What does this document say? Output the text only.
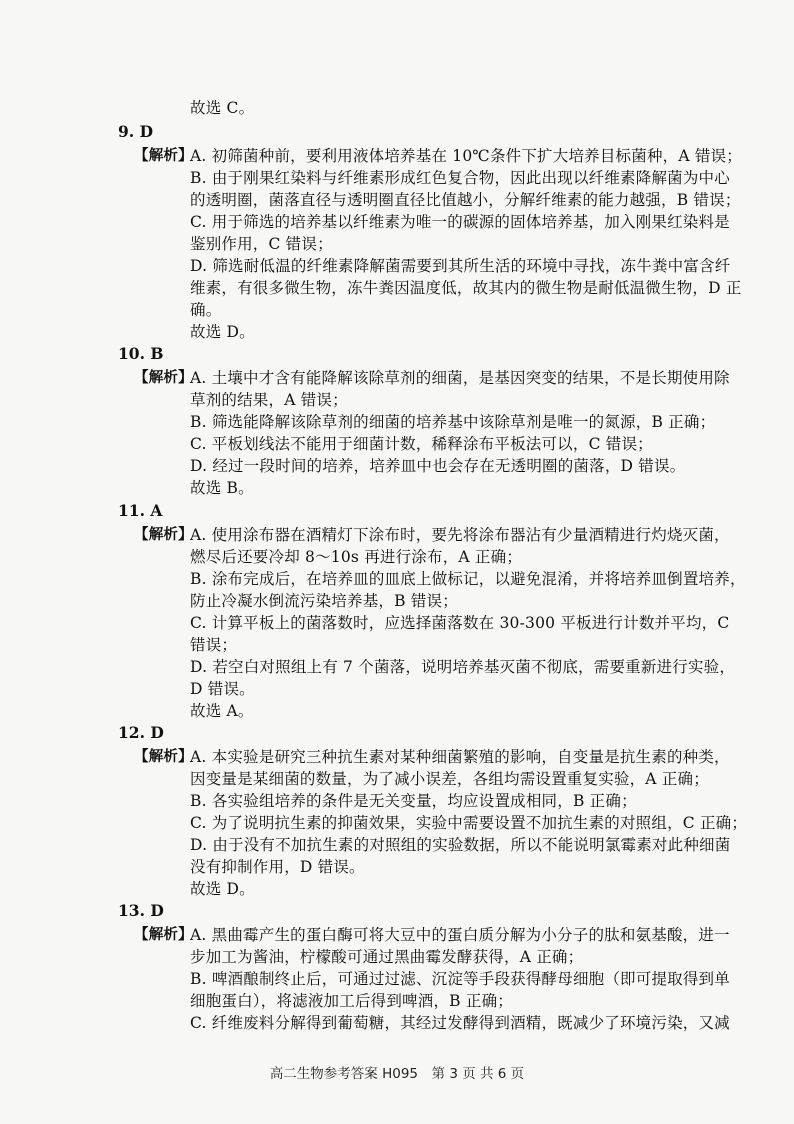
故选 C。
9. D
【解析】
A. 初筛菌种前，要利用液体培养基在 10℃条件下扩大培养目标菌种，A 错误；
B. 由于刚果红染料与纤维素形成红色复合物，因此出现以纤维素降解菌为中心
的透明圈，菌落直径与透明圈直径比值越小，分解纤维素的能力越强，B 错误；
C. 用于筛选的培养基以纤维素为唯一的碳源的固体培养基，加入刚果红染料是
鉴别作用，C 错误；
D. 筛选耐低温的纤维素降解菌需要到其所生活的环境中寻找，冻牛粪中富含纤
维素，有很多微生物，冻牛粪因温度低，故其内的微生物是耐低温微生物，D 正
确。
故选 D。
10. B
【解析】
A. 土壤中才含有能降解该除草剂的细菌，是基因突变的结果，不是长期使用除
草剂的结果，A 错误；
B. 筛选能降解该除草剂的细菌的培养基中该除草剂是唯一的氮源，B 正确；
C. 平板划线法不能用于细菌计数，稀释涂布平板法可以，C 错误；
D. 经过一段时间的培养，培养皿中也会存在无透明圈的菌落，D 错误。
故选 B。
11. A
【解析】
A. 使用涂布器在酒精灯下涂布时，要先将涂布器沾有少量酒精进行灼烧灭菌，
燃尽后还要冷却 8～10s 再进行涂布，A 正确；
B. 涂布完成后，在培养皿的皿底上做标记，以避免混淆，并将培养皿倒置培养，
防止冷凝水倒流污染培养基，B 错误；
C. 计算平板上的菌落数时，应选择菌落数在 30-300 平板进行计数并平均，C
错误；
D. 若空白对照组上有 7 个菌落，说明培养基灭菌不彻底，需要重新进行实验，
D 错误。
故选 A。
12. D
【解析】
A. 本实验是研究三种抗生素对某种细菌繁殖的影响，自变量是抗生素的种类，
因变量是某细菌的数量，为了减小误差，各组均需设置重复实验，A 正确；
B. 各实验组培养的条件是无关变量，均应设置成相同，B 正确；
C. 为了说明抗生素的抑菌效果，实验中需要设置不加抗生素的对照组，C 正确；
D. 由于没有不加抗生素的对照组的实验数据，所以不能说明氯霉素对此种细菌
没有抑制作用，D 错误。
故选 D。
13. D
【解析】
A. 黑曲霉产生的蛋白酶可将大豆中的蛋白质分解为小分子的肽和氨基酸，进一
步加工为酱油，柠檬酸可通过黑曲霉发酵获得，A 正确；
B. 啤酒酿制终止后，可通过过滤、沉淀等手段获得酵母细胞（即可提取得到单
细胞蛋白），将滤液加工后得到啤酒，B 正确；
C. 纤维废料分解得到葡萄糖，其经过发酵得到酒精，既减少了环境污染，又减
高二生物参考答案 H095　第 3 页 共 6 页
